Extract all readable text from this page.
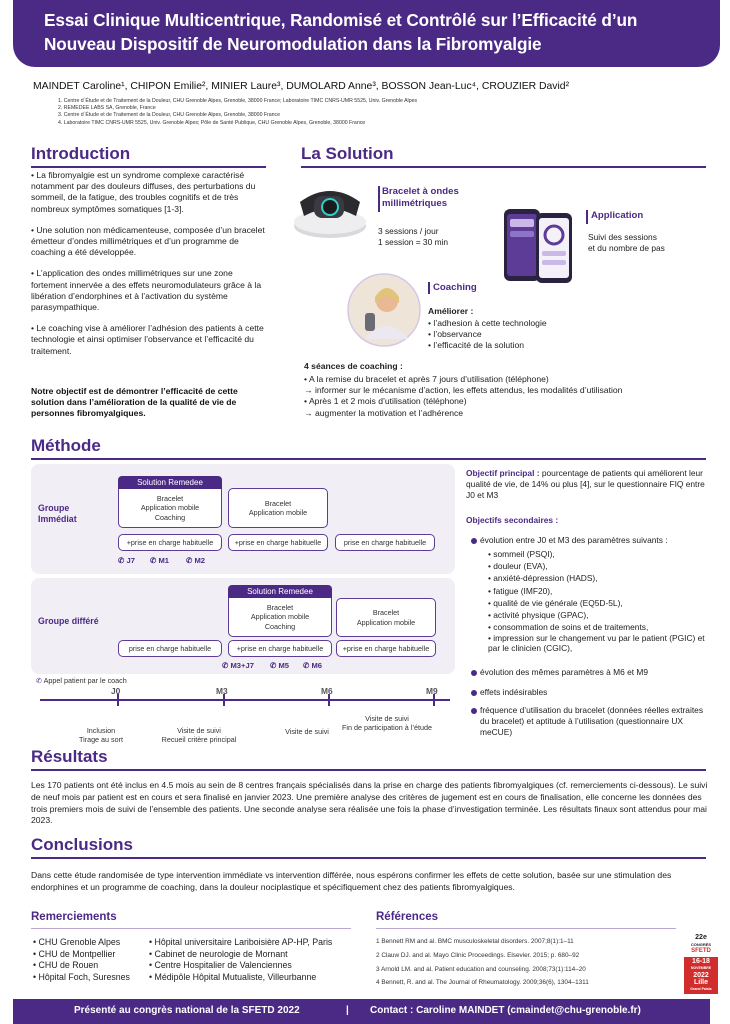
Essai Clinique Multicentrique, Randomisé et Contrôlé sur l’Efficacité d’un
Nouveau Dispositif de Neuromodulation dans la Fibromyalgie
MAINDET Caroline¹, CHIPON Emilie², MINIER Laure³, DUMOLARD Anne³, BOSSON Jean-Luc⁴, CROUZIER David²
1. Centre d´Étude et de Traitement de la Douleur, CHU Grenoble Alpes, Grenoble, 38000 France; Laboratoire TIMC CNRS-UMR 5525, Univ. Grenoble Alpes
2. REMEDEE LABS SA, Grenoble, France
3. Centre d´Étude et de Traitement de la Douleur, CHU Grenoble Alpes, Grenoble, 38000 France
4. Laboratoire TIMC CNRS-UMR 5525, Univ. Grenoble Alpes; Pôle de Santé Publique, CHU Grenoble Alpes, Grenoble, 38000 France
Introduction

• La fibromyalgie est un syndrome complexe caractérisé notamment par des douleurs diffuses, des perturbations du sommeil, de la fatigue, des troubles cognitifs et de très nombreux symptômes somatiques [1-3].

• Une solution non médicamenteuse, composée d’un bracelet émetteur d’ondes millimétriques et d’un programme de coaching a été développée.

• L’application des ondes millimétriques sur une zone fortement innervée a des effets neuromodulateurs grâce à la libération d’endorphines et à l’activation du système parasympathique.

• Le coaching vise à améliorer l’adhésion des patients à cette technologie et ainsi optimiser l’observance et l’efficacité du traitement.

Notre objectif est de démontrer l’efficacité de cette solution dans l’amélioration de la qualité de vie de personnes fibromyalgiques.
La Solution
Bracelet à ondes millimétriques
3 sessions / jour
1 session = 30 min
Application
Suivi des sessions
et du nombre de pas
Coaching
Améliorer :
• l’adhesion à cette technologie
• l’observance
• l’efficacité de la solution
4 séances de coaching :
• A la remise du bracelet et après 7 jours d’utilisation (téléphone)
→ informer sur le mécanisme d’action, les effets attendus, les modalités d’utilisation
• Après 1 et 2 mois d’utilisation (téléphone)
→ augmenter la motivation et l’adhérence
Méthode
Groupe Immédiat
Bracelet
Application mobile
Coaching
Solution Remedee
Bracelet
Application mobile
+prise en charge habituelle	+prise en charge habituelle	prise en charge habituelle
✆ J7 ✆ M1 ✆ M2
Groupe différé
Bracelet
Application mobile
Coaching
Solution Remedee
Bracelet
Application mobile
prise en charge habituelle	+prise en charge habituelle	+prise en charge habituelle
✆ M3+J7 ✆ M5 ✆ M6
✆ Appel patient par le coach
J0	M3	M6	M9
Inclusion
Tirage au sort
Visite de suivi
Recueil critère principal
Visite de suivi
Visite de suivi
Fin de participation à l’étude
Objectif principal : pourcentage de patients qui améliorent leur qualité de vie, de 14% ou plus [4], sur le questionnaire FIQ entre J0 et M3
Objectifs secondaires :
évolution entre J0 et M3 des paramètres suivants :
• sommeil (PSQI),
• douleur (EVA),
• anxiété-dépression (HADS),
• fatigue (IMF20),
• qualité de vie générale (EQ5D-5L),
• activité physique (GPAC),
• consommation de soins et de traitements,
• impression sur le changement vu par le patient (PGIC) et par le clinicien (CGIC),
évolution des mêmes paramètres à M6 et M9
effets indésirables
fréquence d’utilisation du bracelet (données réelles extraites du bracelet) et aptitude à l’utilisation (questionnaire UX meCUE)
Résultats
Les 170 patients ont été inclus en 4.5 mois au sein de 8 centres français spécialisés dans la prise en charge des patients fibromyalgiques (cf. remerciements ci-dessous). Le suivi de neuf mois par patient est en cours et sera finalisé en janvier 2023. Une première analyse des critères de jugement est en cours de finalisation, elle concerne les données des trois premiers mois de suivi de l’ensemble des patients. Une seconde analyse sera réalisée une fois la phase d’investigation terminée. Les résultats finaux sont attendus pour mai 2023.
Conclusions
Dans cette étude randomisée de type intervention immédiate vs intervention différée, nous espérons confirmer les effets de cette solution, basée sur une stimulation des endorphines et un programme de coaching, dans la douleur nociplastique et spécifiquement chez des patients fibromyalgiques.
Remerciements
• CHU Grenoble Alpes
• CHU de Montpellier
• CHU de Rouen
• Hôpital Foch, Suresnes
• Hôpital universitaire Lariboisière AP-HP, Paris
• Cabinet de neurologie de Mornant
• Centre Hospitalier de Valenciennes
• Médipôle Hôpital Mutualiste, Villeurbanne
Références
1 Bennett RM and al. BMC musculoskeletal disorders. 2007;8(1):1–11
2 Clauw DJ. and al. Mayo Clinic Proceedings. Elsevier. 2015; p. 680–92
3 Arnold LM. and al. Patient education and counseling. 2008;73(1):114–20
4 Bennett, R. and al. The Journal of Rheumatology. 2009;36(6), 1304–1311
22e
CONGRÈS
SFETD
16-18
NOVEMBRE
2022
Lille
Grand Palais
Présenté au congrès national de la SFETD 2022	| Contact : Caroline MAINDET (cmaindet@chu-grenoble.fr)
